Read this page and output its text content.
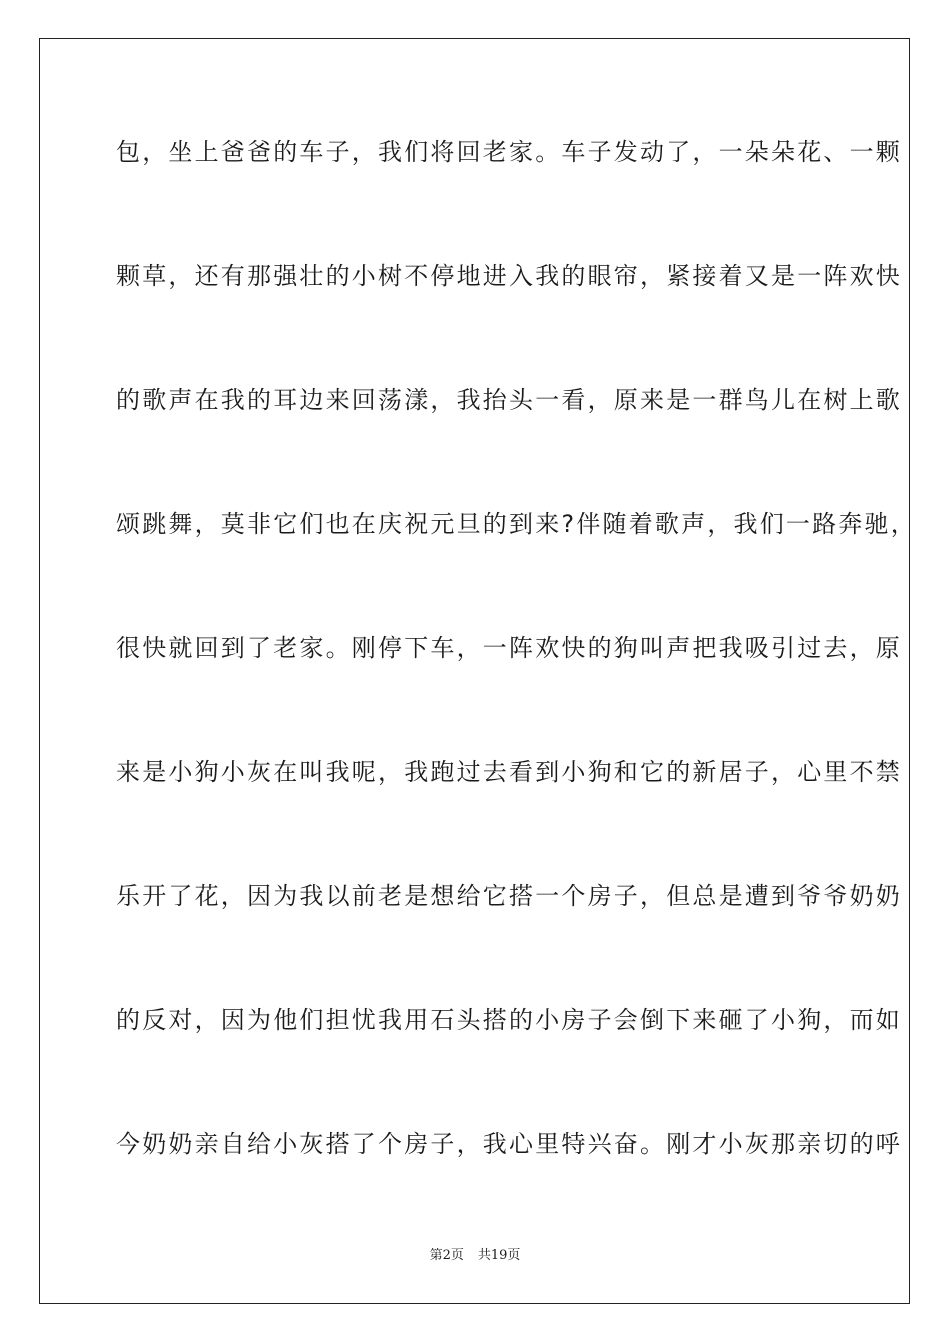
包，坐上爸爸的车子，我们将回老家。车子发动了，一朵朵花、一颗
颗草，还有那强壮的小树不停地进入我的眼帘，紧接着又是一阵欢快
的歌声在我的耳边来回荡漾，我抬头一看，原来是一群鸟儿在树上歌
颂跳舞，莫非它们也在庆祝元旦的到来?伴随着歌声，我们一路奔驰，
很快就回到了老家。刚停下车，一阵欢快的狗叫声把我吸引过去，原
来是小狗小灰在叫我呢，我跑过去看到小狗和它的新居子，心里不禁
乐开了花，因为我以前老是想给它搭一个房子，但总是遭到爷爷奶奶
的反对，因为他们担忧我用石头搭的小房子会倒下来砸了小狗，而如
今奶奶亲自给小灰搭了个房子，我心里特兴奋。刚才小灰那亲切的呼
第2页 共19页
